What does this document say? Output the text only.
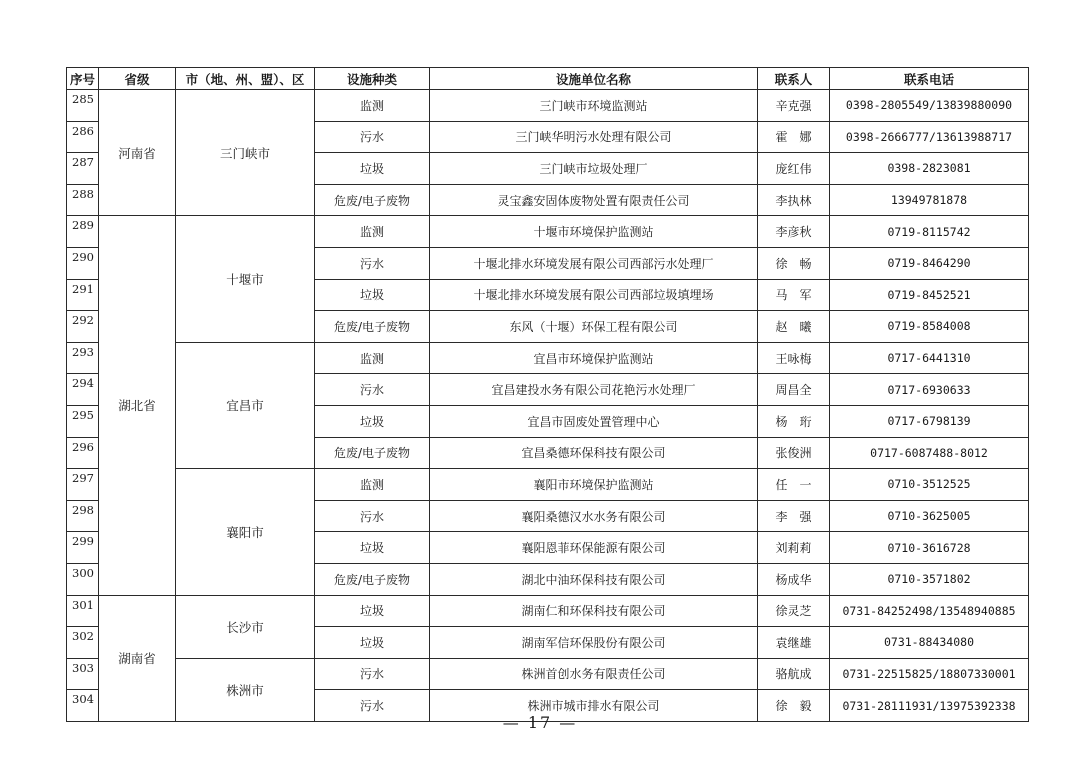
序号	省级	市（地、州、盟）、区	设施种类	设施单位名称	联系人	联系电话
285	河南省	三门峡市	监测	三门峡市环境监测站	辛克强	0398-2805549/13839880090
286			污水	三门峡华明污水处理有限公司	霍　娜	0398-2666777/13613988717
287			垃圾	三门峡市垃圾处理厂	庞红伟	0398-2823081
288			危废/电子废物	灵宝鑫安固体废物处置有限责任公司	李执林	13949781878
289	湖北省	十堰市	监测	十堰市环境保护监测站	李彦秋	0719-8115742
290			污水	十堰北排水环境发展有限公司西部污水处理厂	徐　畅	0719-8464290
291			垃圾	十堰北排水环境发展有限公司西部垃圾填埋场	马　军	0719-8452521
292			危废/电子废物	东风（十堰）环保工程有限公司	赵　曦	0719-8584008
293		宜昌市	监测	宜昌市环境保护监测站	王咏梅	0717-6441310
294			污水	宜昌建投水务有限公司花艳污水处理厂	周昌全	0717-6930633
295			垃圾	宜昌市固废处置管理中心	杨　珩	0717-6798139
296			危废/电子废物	宜昌桑德环保科技有限公司	张俊洲	0717-6087488-8012
297		襄阳市	监测	襄阳市环境保护监测站	任　一	0710-3512525
298			污水	襄阳桑德汉水水务有限公司	李　强	0710-3625005
299			垃圾	襄阳恩菲环保能源有限公司	刘莉莉	0710-3616728
300			危废/电子废物	湖北中油环保科技有限公司	杨成华	0710-3571802
301	湖南省	长沙市	垃圾	湖南仁和环保科技有限公司	徐灵芝	0731-84252498/13548940885
302			垃圾	湖南军信环保股份有限公司	袁继雄	0731-88434080
303		株洲市	污水	株洲首创水务有限责任公司	骆航成	0731-22515825/18807330001
304			污水	株洲市城市排水有限公司	徐　毅	0731-28111931/13975392338
— 17 —
